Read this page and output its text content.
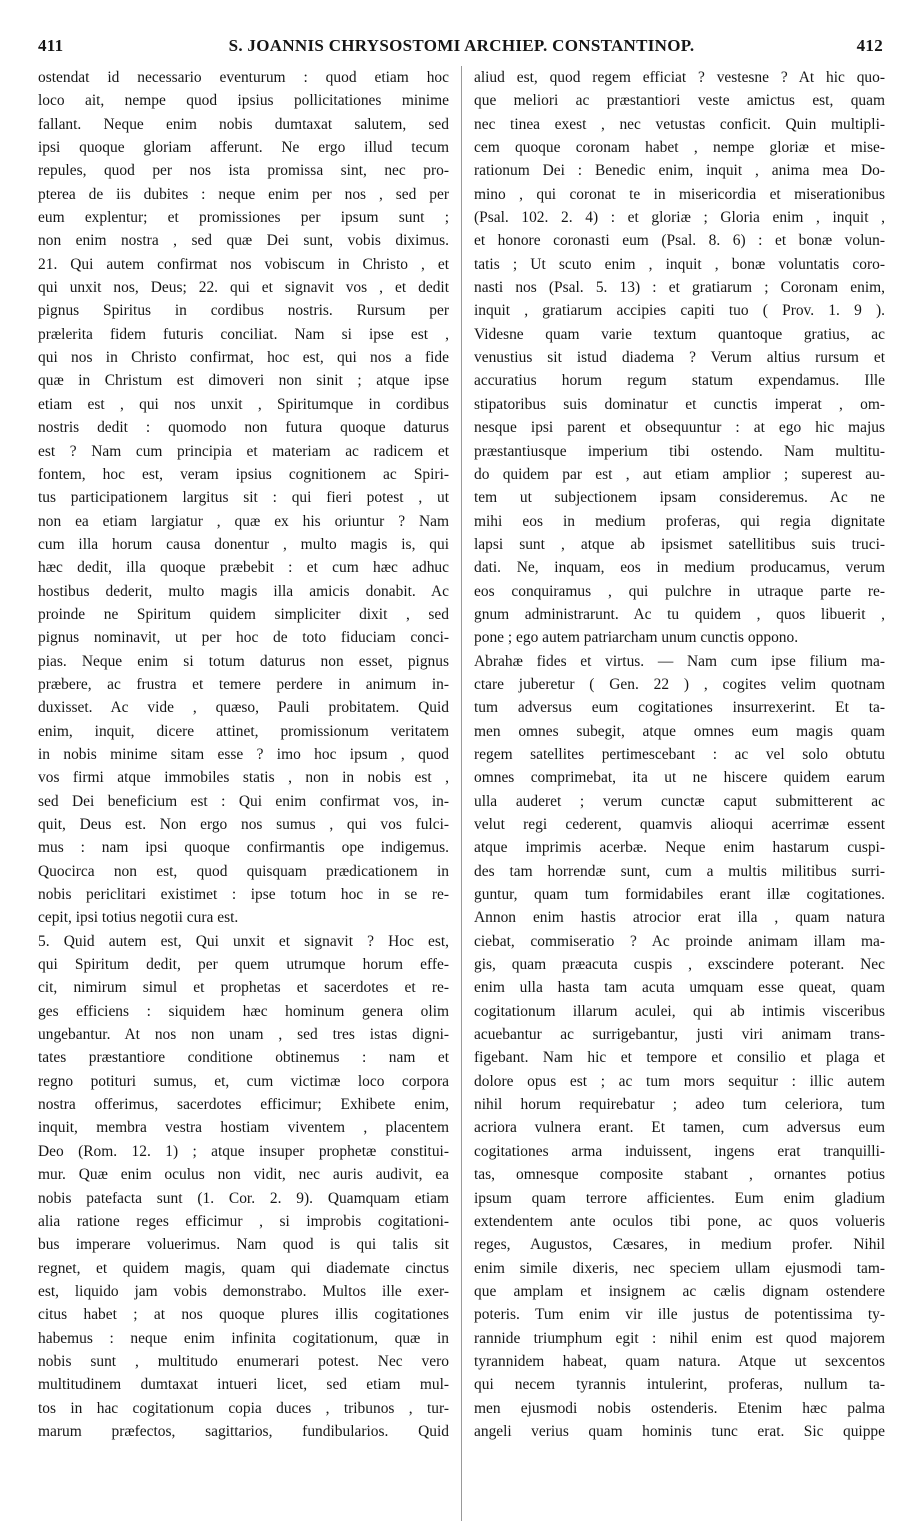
411	S. JOANNIS CHRYSOSTOMI ARCHIEP. CONSTANTINOP.	412
ostendat id necessario eventurum : quod etiam hoc
loco ait, nempe quod ipsius pollicitationes minime
fallant. Neque enim nobis dumtaxat salutem, sed
ipsi quoque gloriam afferunt. Ne ergo illud tecum
repules, quod per nos ista promissa sint, nec pro-
pterea de iis dubites : neque enim per nos , sed per
eum explentur; et promissiones per ipsum sunt ;
non enim nostra , sed quæ Dei sunt, vobis diximus.
21. Qui autem confirmat nos vobiscum in Christo , et
qui unxit nos, Deus; 22. qui et signavit vos , et dedit
pignus Spiritus in cordibus nostris. Rursum per
prælerita fidem futuris conciliat. Nam si ipse est ,
qui nos in Christo confirmat, hoc est, qui nos a fide
quæ in Christum est dimoveri non sinit ; atque ipse
etiam est , qui nos unxit , Spiritumque in cordibus
nostris dedit : quomodo non futura quoque daturus
est ? Nam cum principia et materiam ac radicem et
fontem, hoc est, veram ipsius cognitionem ac Spiri-
tus participationem largitus sit : qui fieri potest , ut
non ea etiam largiatur , quæ ex his oriuntur ? Nam
cum illa horum causa donentur , multo magis is, qui
hæc dedit, illa quoque præbebit : et cum hæc adhuc
hostibus dederit, multo magis illa amicis donabit. Ac
proinde ne Spiritum quidem simpliciter dixit , sed
pignus nominavit, ut per hoc de toto fiduciam conci-
pias. Neque enim si totum daturus non esset, pignus
præbere, ac frustra et temere perdere in animum in-
duxisset. Ac vide , quæso, Pauli probitatem. Quid
enim, inquit, dicere attinet, promissionum veritatem
in nobis minime sitam esse ? imo hoc ipsum , quod
vos firmi atque immobiles statis , non in nobis est ,
sed Dei beneficium est : Qui enim confirmat vos, in-
quit, Deus est. Non ergo nos sumus , qui vos fulci-
mus : nam ipsi quoque confirmantis ope indigemus.
Quocirca non est, quod quisquam prædicationem in
nobis periclitari existimet : ipse totum hoc in se re-
cepit, ipsi totius negotii cura est.
5. Quid autem est, Qui unxit et signavit ? Hoc est,
qui Spiritum dedit, per quem utrumque horum effe-
cit, nimirum simul et prophetas et sacerdotes et re-
ges efficiens : siquidem hæc hominum genera olim
ungebantur. At nos non unam , sed tres istas digni-
tates præstantiore conditione obtinemus : nam et
regno potituri sumus, et, cum victimæ loco corpora
nostra offerimus, sacerdotes efficimur; Exhibete enim,
inquit, membra vestra hostiam viventem , placentem
Deo (Rom. 12. 1) ; atque insuper prophetæ constitui-
mur. Quæ enim oculus non vidit, nec auris audivit, ea
nobis patefacta sunt (1. Cor. 2. 9). Quamquam etiam
alia ratione reges efficimur , si improbis cogitationi-
bus imperare voluerimus. Nam quod is qui talis sit
regnet, et quidem magis, quam qui diademate cinctus
est, liquido jam vobis demonstrabo. Multos ille exer-
citus habet ; at nos quoque plures illis cogitationes
habemus : neque enim infinita cogitationum, quæ in
nobis sunt , multitudo enumerari potest. Nec vero
multitudinem dumtaxat intueri licet, sed etiam mul-
tos in hac cogitationum copia duces , tribunos , tur-
marum præfectos, sagittarios, fundibularios. Quid
aliud est, quod regem efficiat ? vestesne ? At hic quo-
que meliori ac præstantiori veste amictus est, quam
nec tinea exest , nec vetustas conficit. Quin multipli-
cem quoque coronam habet , nempe gloriæ et mise-
rationum Dei : Benedic enim, inquit , anima mea Do-
mino , qui coronat te in misericordia et miserationibus
(Psal. 102. 2. 4) : et gloriæ ; Gloria enim , inquit ,
et honore coronasti eum (Psal. 8. 6) : et bonæ volun-
tatis ; Ut scuto enim , inquit , bonæ voluntatis coro-
nasti nos (Psal. 5. 13) : et gratiarum ; Coronam enim,
inquit , gratiarum accipies capiti tuo ( Prov. 1. 9 ).
Videsne quam varie textum quantoque gratius, ac
venustius sit istud diadema ? Verum altius rursum et
accuratius horum regum statum expendamus. Ille
stipatoribus suis dominatur et cunctis imperat , om-
nesque ipsi parent et obsequuntur : at ego hic majus
præstantiusque imperium tibi ostendo. Nam multitu-
do quidem par est , aut etiam amplior ; superest au-
tem ut subjectionem ipsam consideremus. Ac ne
mihi eos in medium proferas, qui regia dignitate
lapsi sunt , atque ab ipsismet satellitibus suis truci-
dati. Ne, inquam, eos in medium producamus, verum
eos conquiramus , qui pulchre in utraque parte re-
gnum administrarunt. Ac tu quidem , quos libuerit ,
pone ; ego autem patriarcham unum cunctis oppono.
Abrahæ fides et virtus. — Nam cum ipse filium ma-
ctare juberetur ( Gen. 22 ) , cogites velim quotnam
tum adversus eum cogitationes insurrexerint. Et ta-
men omnes subegit, atque omnes eum magis quam
regem satellites pertimescebant : ac vel solo obtutu
omnes comprimebat, ita ut ne hiscere quidem earum
ulla auderet ; verum cunctæ caput submitterent ac
velut regi cederent, quamvis alioqui acerrimæ essent
atque imprimis acerbæ. Neque enim hastarum cuspi-
des tam horrendæ sunt, cum a multis militibus surri-
guntur, quam tum formidabiles erant illæ cogitationes.
Annon enim hastis atrocior erat illa , quam natura
ciebat, commiseratio ? Ac proinde animam illam ma-
gis, quam præacuta cuspis , exscindere poterant. Nec
enim ulla hasta tam acuta umquam esse queat, quam
cogitationum illarum aculei, qui ab intimis visceribus
acuebantur ac surrigebantur, justi viri animam trans-
figebant. Nam hic et tempore et consilio et plaga et
dolore opus est ; ac tum mors sequitur : illic autem
nihil horum requirebatur ; adeo tum celeriora, tum
acriora vulnera erant. Et tamen, cum adversus eum
cogitationes arma induissent, ingens erat tranquilli-
tas, omnesque composite stabant , ornantes potius
ipsum quam terrore afficientes. Eum enim gladium
extendentem ante oculos tibi pone, ac quos volueris
reges, Augustos, Cæsares, in medium profer. Nihil
enim simile dixeris, nec speciem ullam ejusmodi tam-
que amplam et insignem ac cælis dignam ostendere
poteris. Tum enim vir ille justus de potentissima ty-
rannide triumphum egit : nihil enim est quod majorem
tyrannidem habeat, quam natura. Atque ut sexcentos
qui necem tyrannis intulerint, proferas, nullum ta-
men ejusmodi nobis ostenderis. Etenim hæc palma
angeli verius quam hominis tunc erat. Sic quippe
